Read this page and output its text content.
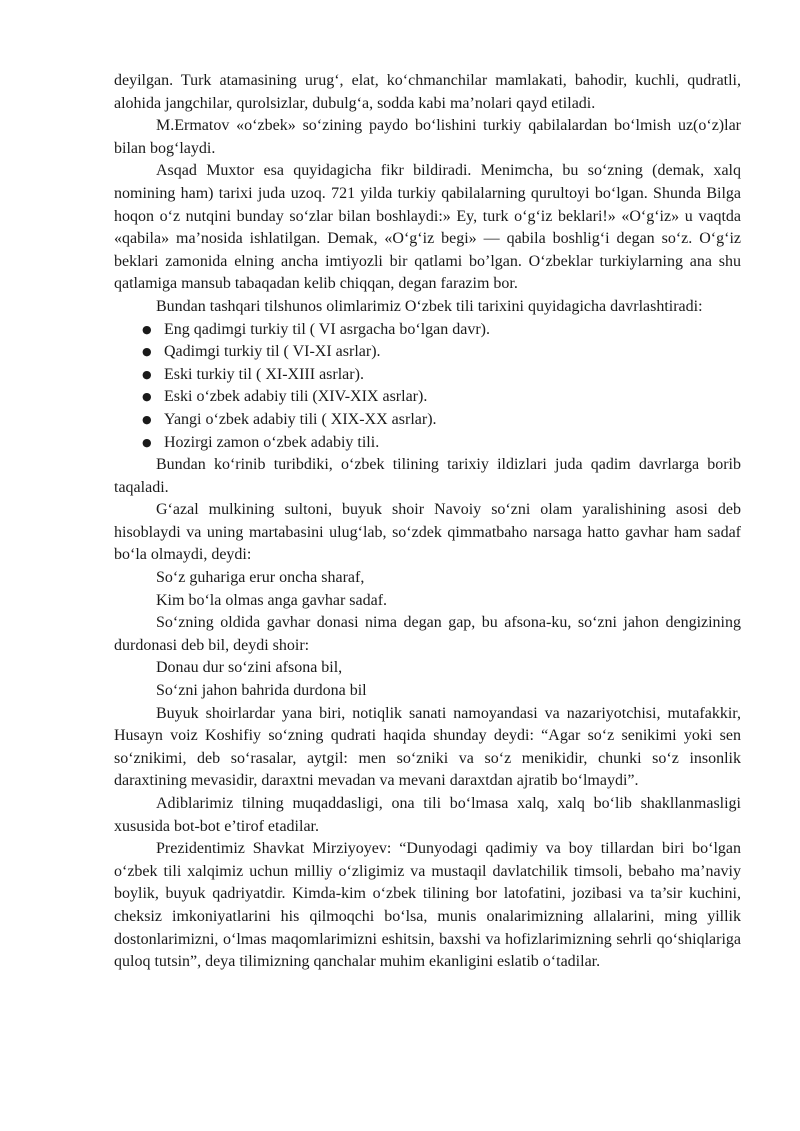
deyilgan. Turk atamasining urug‘, elat, ko‘chmanchilar mamlakati, bahodir, kuchli, qudratli, alohida jangchilar, qurolsizlar, dubulg‘a, sodda kabi ma’nolari qayd etiladi.

M.Ermatov «o‘zbek» so‘zining paydo bo‘lishini turkiy qabilalardan bo‘lmish uz(o‘z)lar bilan bog‘laydi.

Asqad Muxtor esa quyidagicha fikr bildiradi. Menimcha, bu so‘zning (demak, xalq nomining ham) tarixi juda uzoq. 721 yilda turkiy qabilalarning qurultoyi bo‘lgan. Shunda Bilga hoqon o‘z nutqini bunday so‘zlar bilan boshlaydi:» Ey, turk o‘g‘iz beklari!» «O‘g‘iz» u vaqtda «qabila» ma’nosida ishlatilgan. Demak, «O‘g‘iz begi» — qabila boshlig‘i degan so‘z. O‘g‘iz beklari zamonida elning ancha imtiyozli bir qatlami bo’lgan. O‘zbeklar turkiylarning ana shu qatlamiga mansub tabaqadan kelib chiqqan, degan farazim bor.

Bundan tashqari tilshunos olimlarimiz O‘zbek tili tarixini quyidagicha davrlashtiradi:

● Eng qadimgi turkiy til ( VI asrgacha bo‘lgan davr).
● Qadimgi turkiy til ( VI-XI asrlar).
● Eski turkiy til ( XI-XIII asrlar).
● Eski o‘zbek adabiy tili (XIV-XIX asrlar).
● Yangi o‘zbek adabiy tili ( XIX-XX asrlar).
● Hozirgi zamon o‘zbek adabiy tili.

Bundan ko‘rinib turibdiki, o‘zbek tilining tarixiy ildizlari juda qadim davrlarga borib taqaladi.

G‘azal mulkining sultoni, buyuk shoir Navoiy so‘zni olam yaralishining asosi deb hisoblaydi va uning martabasini ulug‘lab, so‘zdek qimmatbaho narsaga hatto gavhar ham sadaf bo‘la olmaydi, deydi:

So‘z guhariga erur oncha sharaf,

Kim bo‘la olmas anga gavhar sadaf.

So‘zning oldida gavhar donasi nima degan gap, bu afsona-ku, so‘zni jahon dengizining durdonasi deb bil, deydi shoir:

Donau dur so‘zini afsona bil,

So‘zni jahon bahrida durdona bil

Buyuk shoirlardar yana biri, notiqlik sanati namoyandasi va nazariyotchisi, mutafakkir, Husayn voiz Koshifiy so‘zning qudrati haqida shunday deydi: “Agar so‘z senikimi yoki sen so‘znikimi, deb so‘rasalar, aytgil: men so‘zniki va so‘z menikidir, chunki so‘z insonlik daraxtining mevasidir, daraxtni mevadan va mevani daraxtdan ajratib bo‘lmaydi”.

Adiblarimiz tilning muqaddasligi, ona tili bo‘lmasa xalq, xalq bo‘lib shakllanmasligi xususida bot-bot e’tirof etadilar.

Prezidentimiz Shavkat Mirziyoyev: “Dunyodagi qadimiy va boy tillardan biri bo‘lgan o‘zbek tili xalqimiz uchun milliy o‘zligimiz va mustaqil davlatchilik timsoli, bebaho ma’naviy boylik, buyuk qadriyatdir. Kimda-kim o‘zbek tilining bor latofatini, jozibasi va ta’sir kuchini, cheksiz imkoniyatlarini his qilmoqchi bo‘lsa, munis onalarimizning allalarini, ming yillik dostonlarimizni, o‘lmas maqomlarimizni eshitsin, baxshi va hofizlarimizning sehrli qo‘shiqlariga quloq tutsin”, deya tilimizning qanchalar muhim ekanligini eslatib o‘tadilar.
